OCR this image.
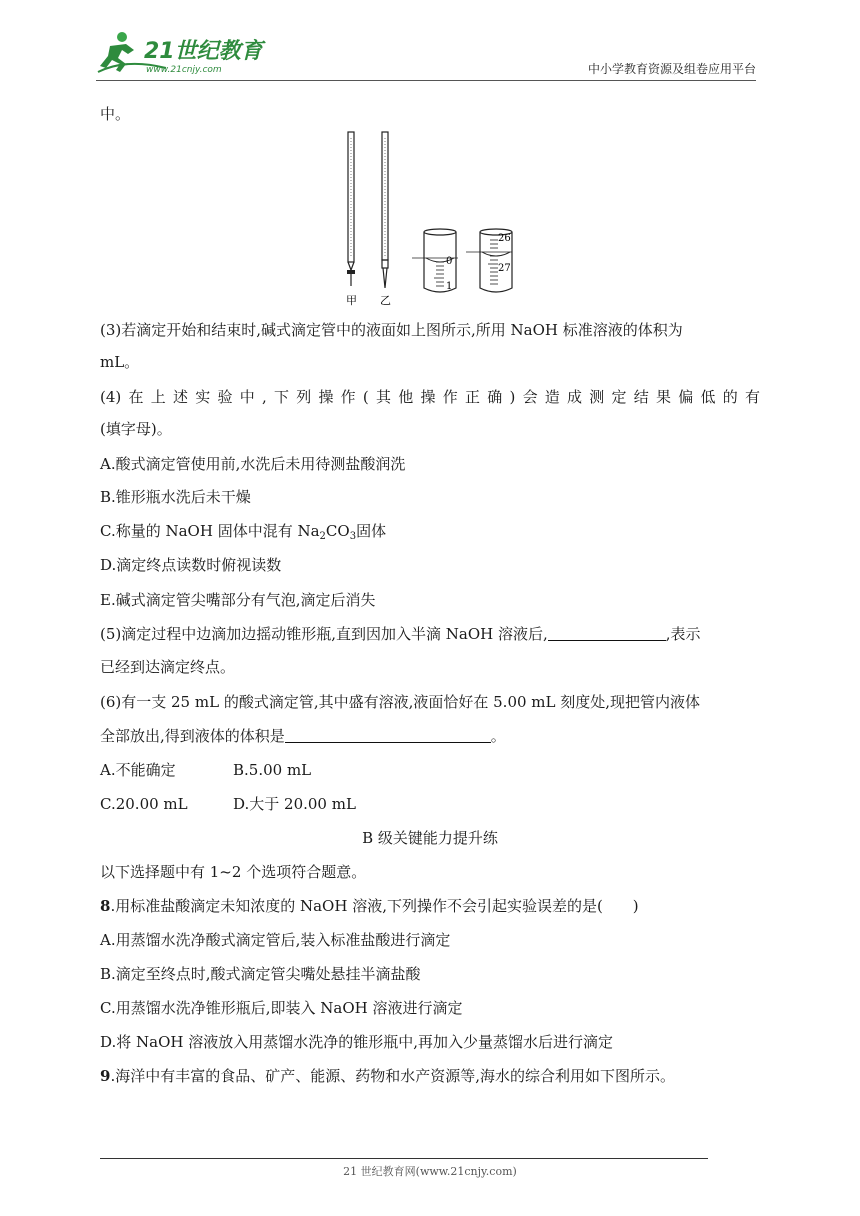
21世纪教育
www.21cnjy.com	中小学教育资源及组卷应用平台
中。
甲 乙
0
1
26
27
(3)若滴定开始和结束时,碱式滴定管中的液面如上图所示,所用 NaOH 标准溶液的体积为
mL。
(4)在上述实验中,下列操作(其他操作正确)会造成测定结果偏低的有
(填字母)。
A.酸式滴定管使用前,水洗后未用待测盐酸润洗
B.锥形瓶水洗后未干燥
C.称量的 NaOH 固体中混有 $Na_2CO_3$固体
D.滴定终点读数时俯视读数
E.碱式滴定管尖嘴部分有气泡,滴定后消失
(5)滴定过程中边滴加边摇动锥形瓶,直到因加入半滴 NaOH 溶液后,	,表示
已经到达滴定终点。
(6)有一支 25 mL 的酸式滴定管,其中盛有溶液,液面恰好在 5.00 mL 刻度处,现把管内液体
全部放出,得到液体的体积是	。
A.不能确定	B.5.00 mL
C.20.00 mL	D.大于 20.00 mL
B 级关键能力提升练
以下选择题中有 1~2 个选项符合题意。
8.用标准盐酸滴定未知浓度的 NaOH 溶液,下列操作不会引起实验误差的是(　　)
A.用蒸馏水洗净酸式滴定管后,装入标准盐酸进行滴定
B.滴定至终点时,酸式滴定管尖嘴处悬挂半滴盐酸
C.用蒸馏水洗净锥形瓶后,即装入 NaOH 溶液进行滴定
D.将 NaOH 溶液放入用蒸馏水洗净的锥形瓶中,再加入少量蒸馏水后进行滴定
9.海洋中有丰富的食品、矿产、能源、药物和水产资源等,海水的综合利用如下图所示。
21 世纪教育网(www.21cnjy.com)
